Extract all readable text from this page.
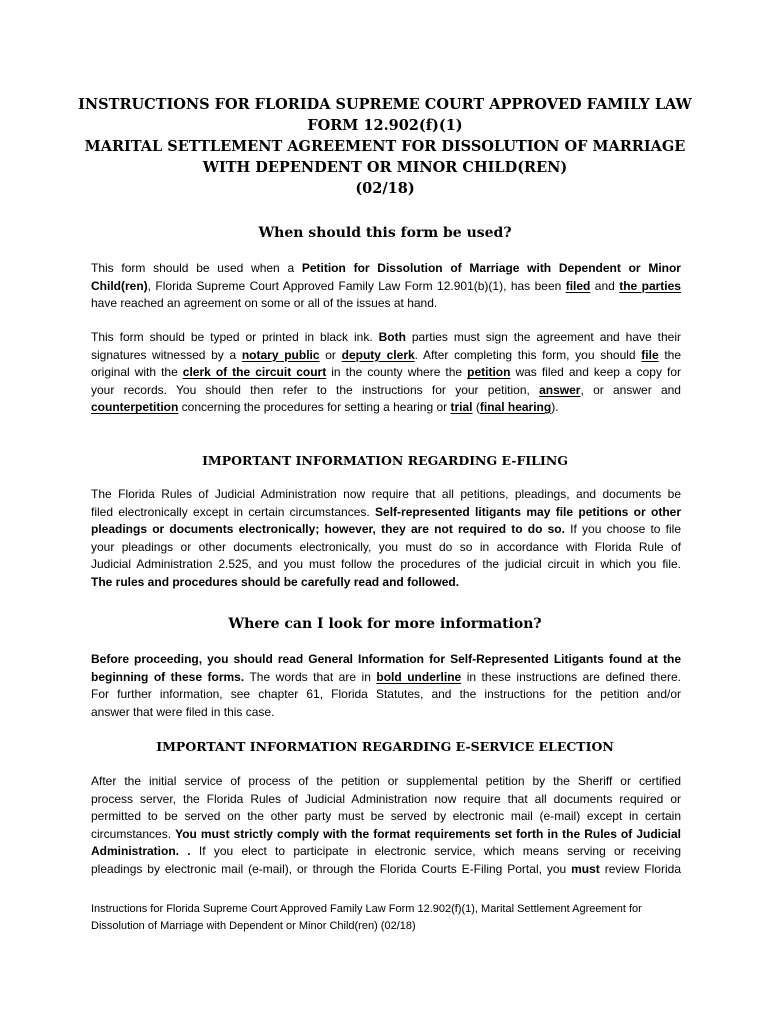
INSTRUCTIONS FOR FLORIDA SUPREME COURT APPROVED FAMILY LAW
FORM 12.902(f)(1)
MARITAL SETTLEMENT AGREEMENT FOR DISSOLUTION OF MARRIAGE
WITH DEPENDENT OR MINOR CHILD(REN)
(02/18)
When should this form be used?
This form should be used when a Petition for Dissolution of Marriage with Dependent or Minor
Child(ren), Florida Supreme Court Approved Family Law Form 12.901(b)(1), has been filed and the parties
have reached an agreement on some or all of the issues at hand.
This form should be typed or printed in black ink. Both parties must sign the agreement and have their
signatures witnessed by a notary public or deputy clerk. After completing this form, you should file the
original with the clerk of the circuit court in the county where the petition was filed and keep a copy for
your records. You should then refer to the instructions for your petition, answer, or answer and
counterpetition concerning the procedures for setting a hearing or trial (final hearing).
IMPORTANT INFORMATION REGARDING E-FILING
The Florida Rules of Judicial Administration now require that all petitions, pleadings, and documents be
filed electronically except in certain circumstances. Self-represented litigants may file petitions or other
pleadings or documents electronically; however, they are not required to do so. If you choose to file
your pleadings or other documents electronically, you must do so in accordance with Florida Rule of
Judicial Administration 2.525, and you must follow the procedures of the judicial circuit in which you file.
The rules and procedures should be carefully read and followed.
Where can I look for more information?
Before proceeding, you should read General Information for Self-Represented Litigants found at the
beginning of these forms. The words that are in bold underline in these instructions are defined there.
For further information, see chapter 61, Florida Statutes, and the instructions for the petition and/or
answer that were filed in this case.
IMPORTANT INFORMATION REGARDING E-SERVICE ELECTION
After the initial service of process of the petition or supplemental petition by the Sheriff or certified
process server, the Florida Rules of Judicial Administration now require that all documents required or
permitted to be served on the other party must be served by electronic mail (e-mail) except in certain
circumstances. You must strictly comply with the format requirements set forth in the Rules of Judicial
Administration. . If you elect to participate in electronic service, which means serving or receiving
pleadings by electronic mail (e-mail), or through the Florida Courts E-Filing Portal, you must review Florida
Instructions for Florida Supreme Court Approved Family Law Form 12.902(f)(1), Marital Settlement Agreement for
Dissolution of Marriage with Dependent or Minor Child(ren) (02/18)
